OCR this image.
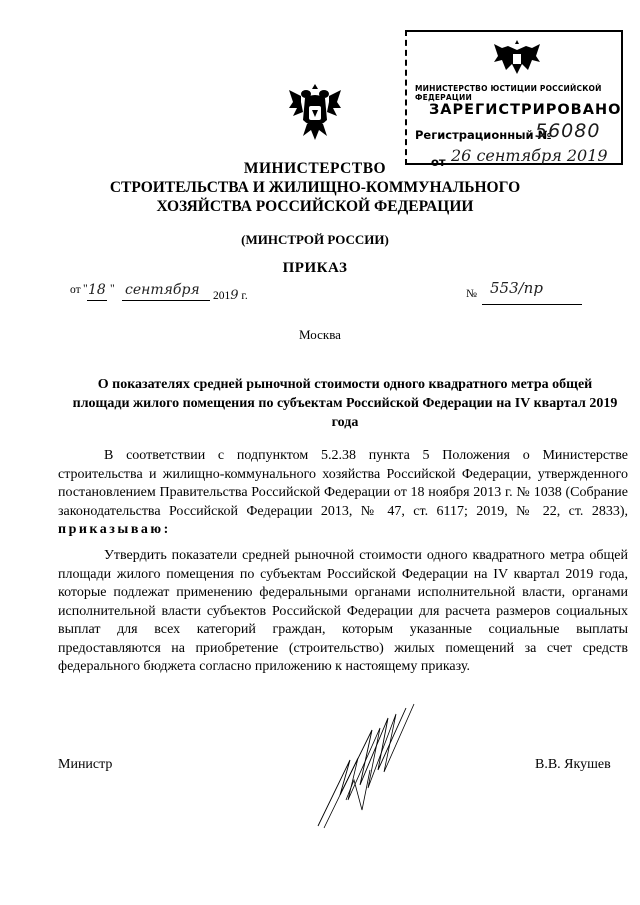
МИНИСТЕРСТВО ЮСТИЦИИ РОССИЙСКОЙ ФЕДЕРАЦИИ
ЗАРЕГИСТРИРОВАНО
Регистрационный №
56080
от 26 сентября 2019
МИНИСТЕРСТВО
СТРОИТЕЛЬСТВА И ЖИЛИЩНО-КОММУНАЛЬНОГО
ХОЗЯЙСТВА РОССИЙСКОЙ ФЕДЕРАЦИИ
(МИНСТРОЙ РОССИИ)
ПРИКАЗ
от " 18 " сентября 2019 г.	№ 553/пр
Москва
О показателях средней рыночной стоимости одного квадратного метра общей площади жилого помещения по субъектам Российской Федерации на IV квартал 2019 года
В соответствии с подпунктом 5.2.38 пункта 5 Положения о Министерстве строительства и жилищно-коммунального хозяйства Российской Федерации, утвержденного постановлением Правительства Российской Федерации от 18 ноября 2013 г. № 1038 (Собрание законодательства Российской Федерации 2013, № 47, ст. 6117; 2019, № 22, ст. 2833), приказываю:
Утвердить показатели средней рыночной стоимости одного квадратного метра общей площади жилого помещения по субъектам Российской Федерации на IV квартал 2019 года, которые подлежат применению федеральными органами исполнительной власти, органами исполнительной власти субъектов Российской Федерации для расчета размеров социальных выплат для всех категорий граждан, которым указанные социальные выплаты предоставляются на приобретение (строительство) жилых помещений за счет средств федерального бюджета согласно приложению к настоящему приказу.
Министр	В.В. Якушев
